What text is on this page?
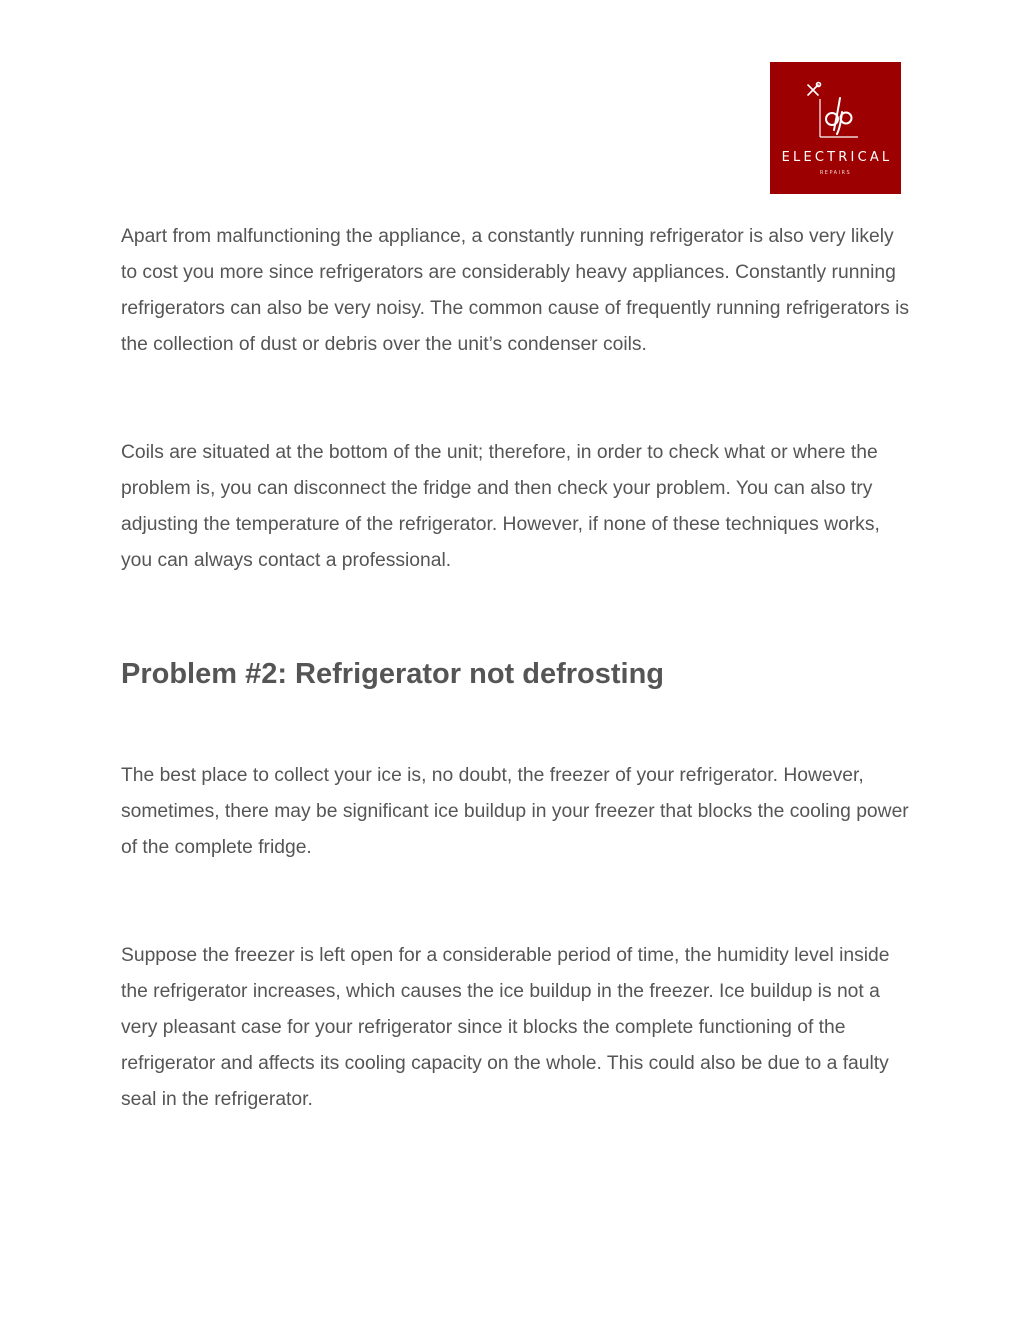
ELECTRICAL
REPAIRS

Apart from malfunctioning the appliance, a constantly running refrigerator is also very likely to cost you more since refrigerators are considerably heavy appliances. Constantly running refrigerators can also be very noisy. The common cause of frequently running refrigerators is the collection of dust or debris over the unit’s condenser coils.

Coils are situated at the bottom of the unit; therefore, in order to check what or where the problem is, you can disconnect the fridge and then check your problem. You can also try adjusting the temperature of the refrigerator. However, if none of these techniques works, you can always contact a professional.

Problem #2: Refrigerator not defrosting

The best place to collect your ice is, no doubt, the freezer of your refrigerator. However, sometimes, there may be significant ice buildup in your freezer that blocks the cooling power of the complete fridge.

Suppose the freezer is left open for a considerable period of time, the humidity level inside the refrigerator increases, which causes the ice buildup in the freezer. Ice buildup is not a very pleasant case for your refrigerator since it blocks the complete functioning of the refrigerator and affects its cooling capacity on the whole. This could also be due to a faulty seal in the refrigerator.
